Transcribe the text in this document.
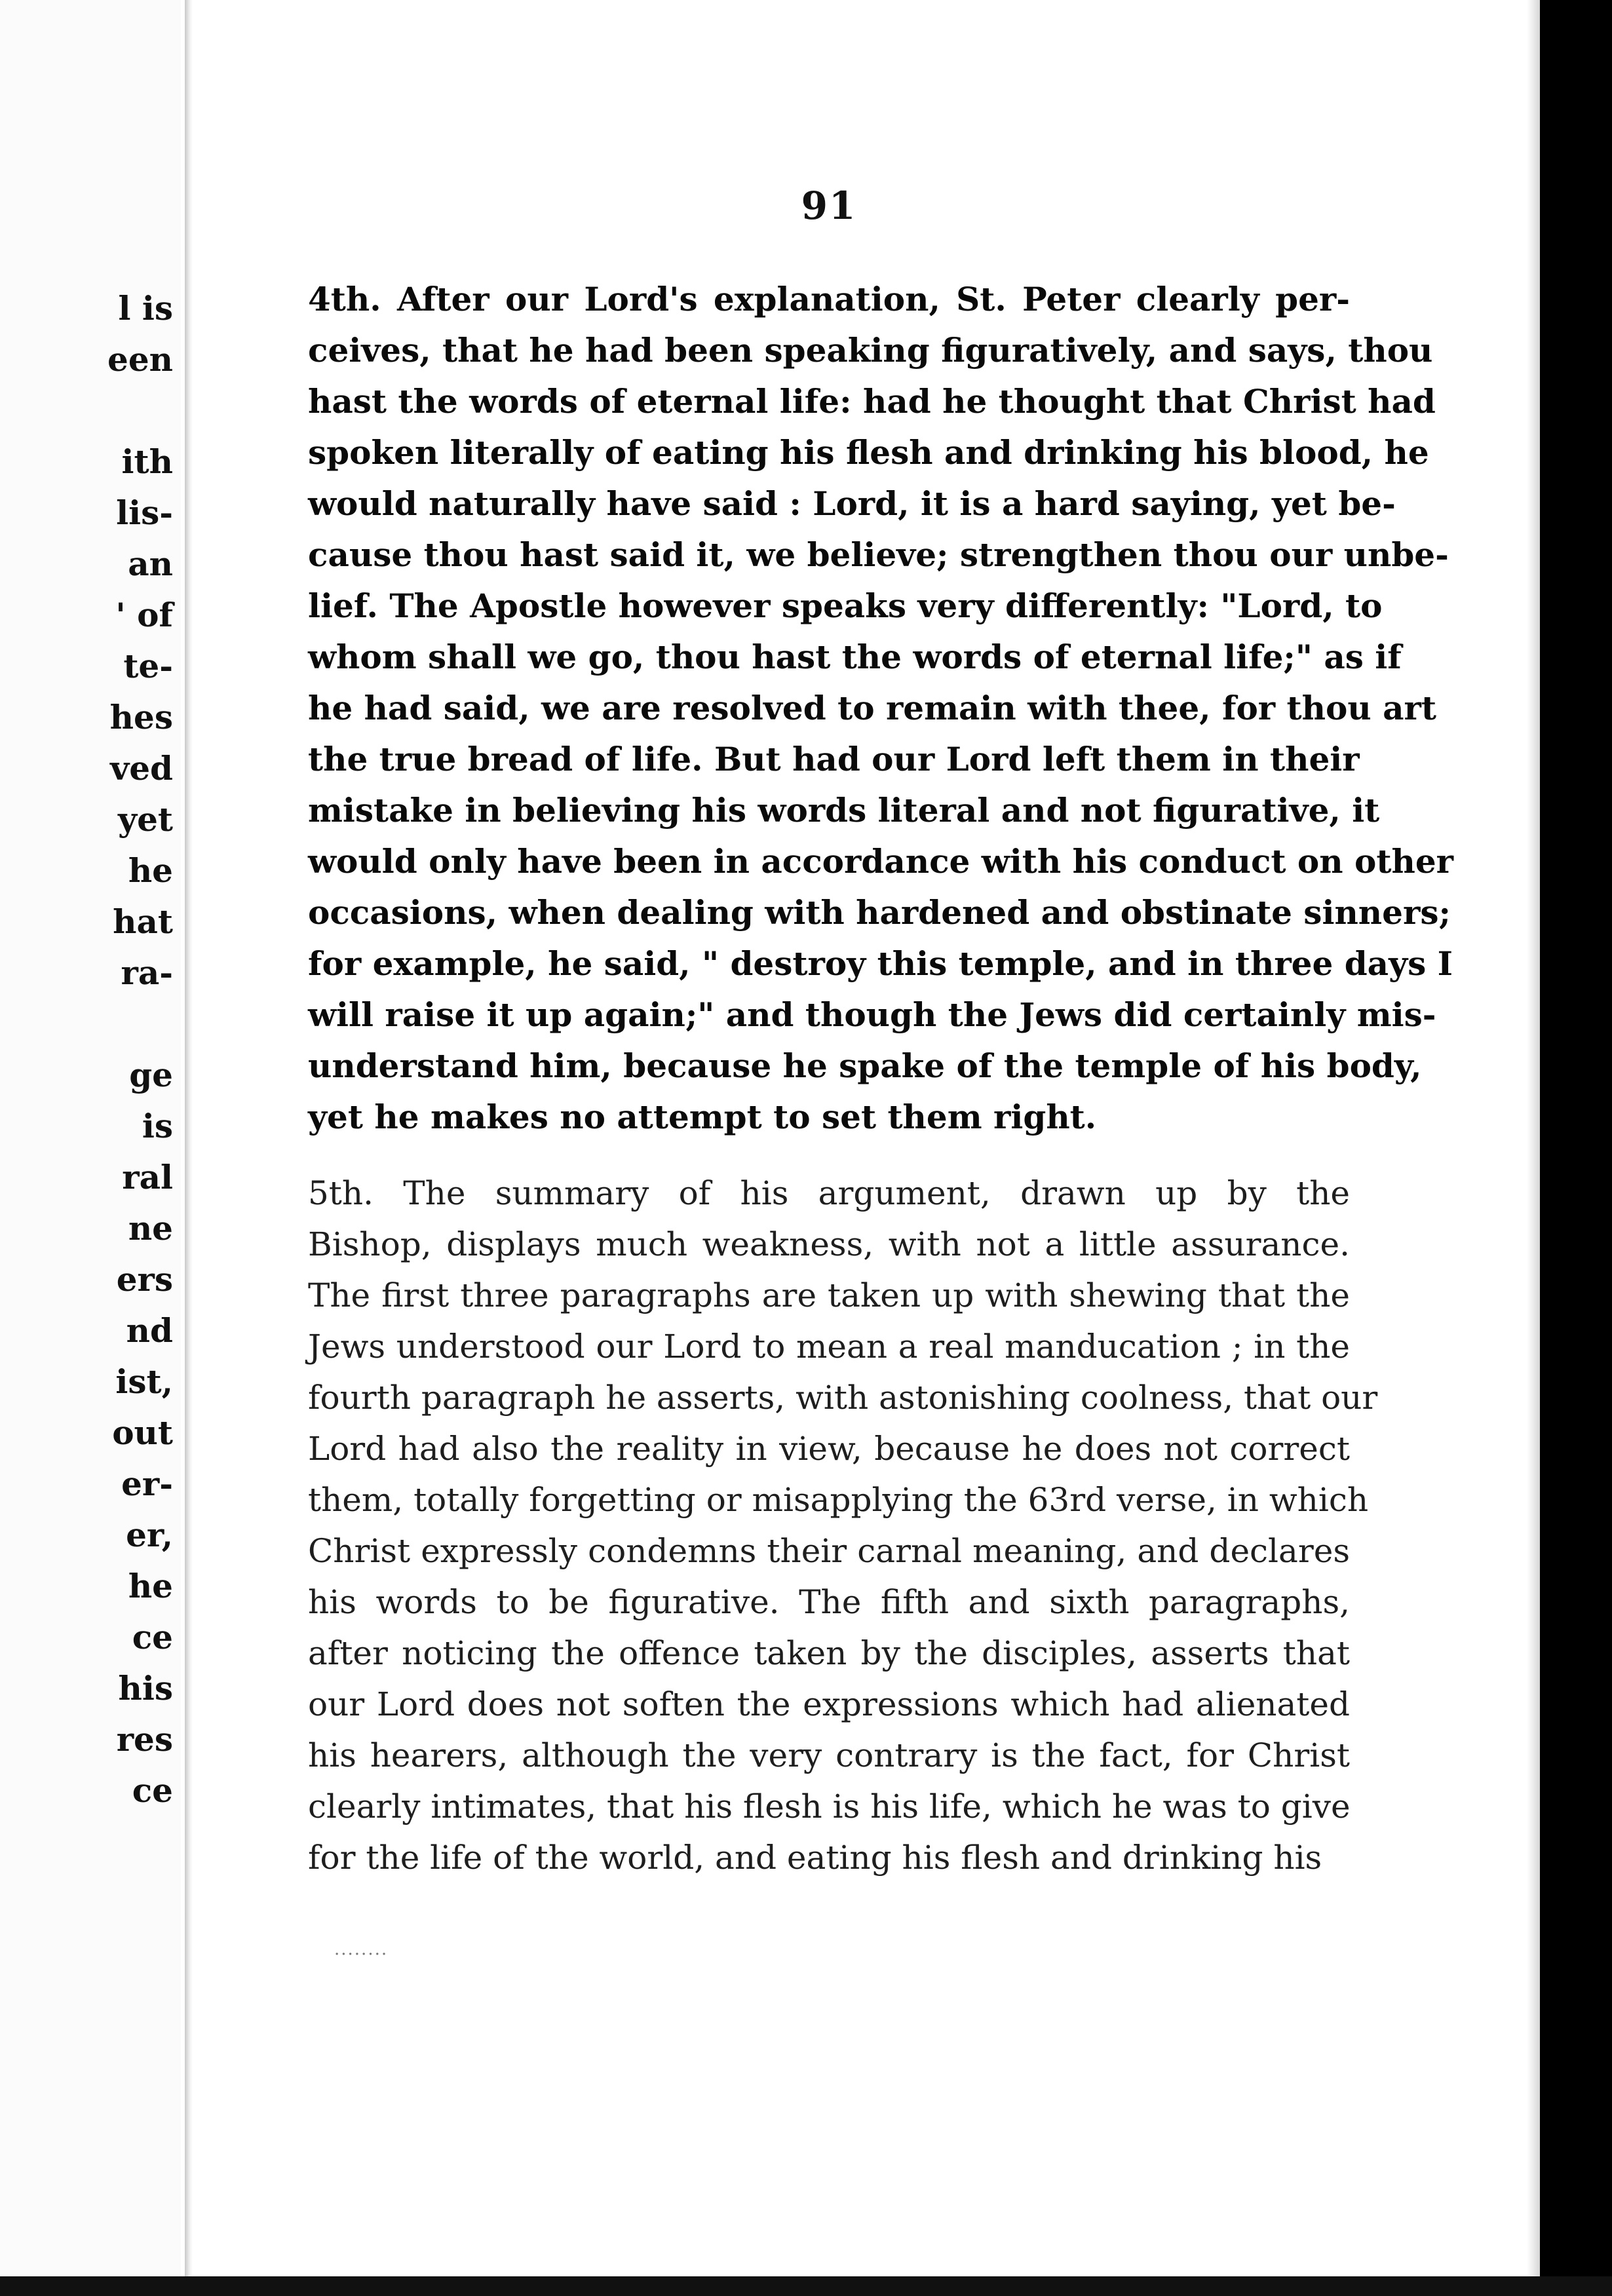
l is
een
ith
lis-
an
' of
te-
hes
ved
yet
he
hat
ra-
ge
is
ral
ne
ers
nd
ist,
out
er-
er,
he
ce
his
res
ce
91
4th. After our Lord's explanation, St. Peter clearly per-
ceives, that he had been speaking figuratively, and says, thou
hast the words of eternal life: had he thought that Christ had
spoken literally of eating his flesh and drinking his blood, he
would naturally have said : Lord, it is a hard saying, yet be-
cause thou hast said it, we believe; strengthen thou our unbe-
lief. The Apostle however speaks very differently: "Lord, to
whom shall we go, thou hast the words of eternal life;" as if
he had said, we are resolved to remain with thee, for thou art
the true bread of life. But had our Lord left them in their
mistake in believing his words literal and not figurative, it
would only have been in accordance with his conduct on other
occasions, when dealing with hardened and obstinate sinners;
for example, he said, " destroy this temple, and in three days I
will raise it up again;" and though the Jews did certainly mis-
understand him, because he spake of the temple of his body,
yet he makes no attempt to set them right.
5th. The summary of his argument, drawn up by the
Bishop, displays much weakness, with not a little assurance.
The first three paragraphs are taken up with shewing that the
Jews understood our Lord to mean a real manducation ; in the
fourth paragraph he asserts, with astonishing coolness, that our
Lord had also the reality in view, because he does not correct
them, totally forgetting or misapplying the 63rd verse, in which
Christ expressly condemns their carnal meaning, and declares
his words to be figurative. The fifth and sixth paragraphs,
after noticing the offence taken by the disciples, asserts that
our Lord does not soften the expressions which had alienated
his hearers, although the very contrary is the fact, for Christ
clearly intimates, that his flesh is his life, which he was to give
for the life of the world, and eating his flesh and drinking his
........
